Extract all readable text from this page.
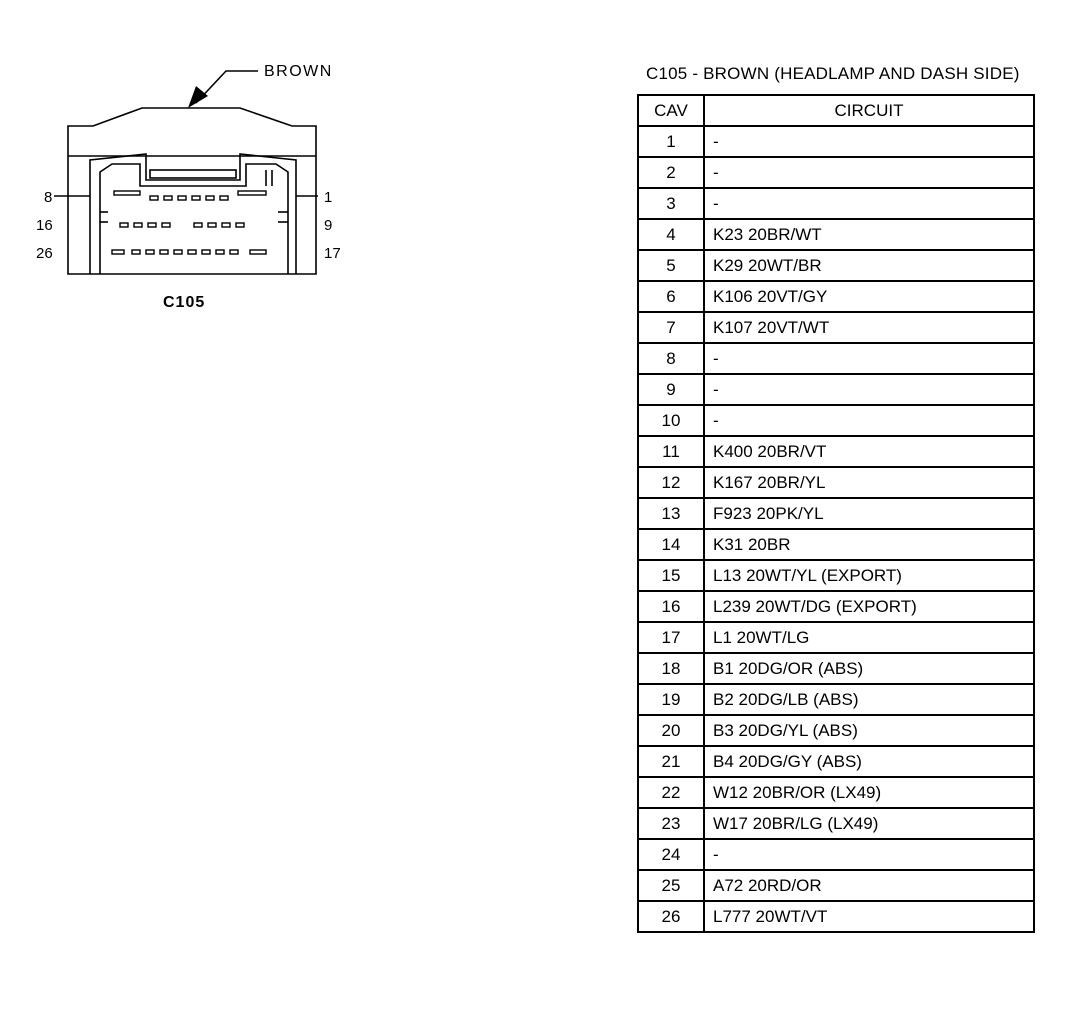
BROWN
8	1
16	9
26	17
C105
C105 - BROWN (HEADLAMP AND DASH SIDE)
CAV	CIRCUIT
1	-
2	-
3	-
4	K23 20BR/WT
5	K29 20WT/BR
6	K106 20VT/GY
7	K107 20VT/WT
8	-
9	-
10	-
11	K400 20BR/VT
12	K167 20BR/YL
13	F923 20PK/YL
14	K31 20BR
15	L13 20WT/YL (EXPORT)
16	L239 20WT/DG (EXPORT)
17	L1 20WT/LG
18	B1 20DG/OR (ABS)
19	B2 20DG/LB (ABS)
20	B3 20DG/YL (ABS)
21	B4 20DG/GY (ABS)
22	W12 20BR/OR (LX49)
23	W17 20BR/LG (LX49)
24	-
25	A72 20RD/OR
26	L777 20WT/VT
